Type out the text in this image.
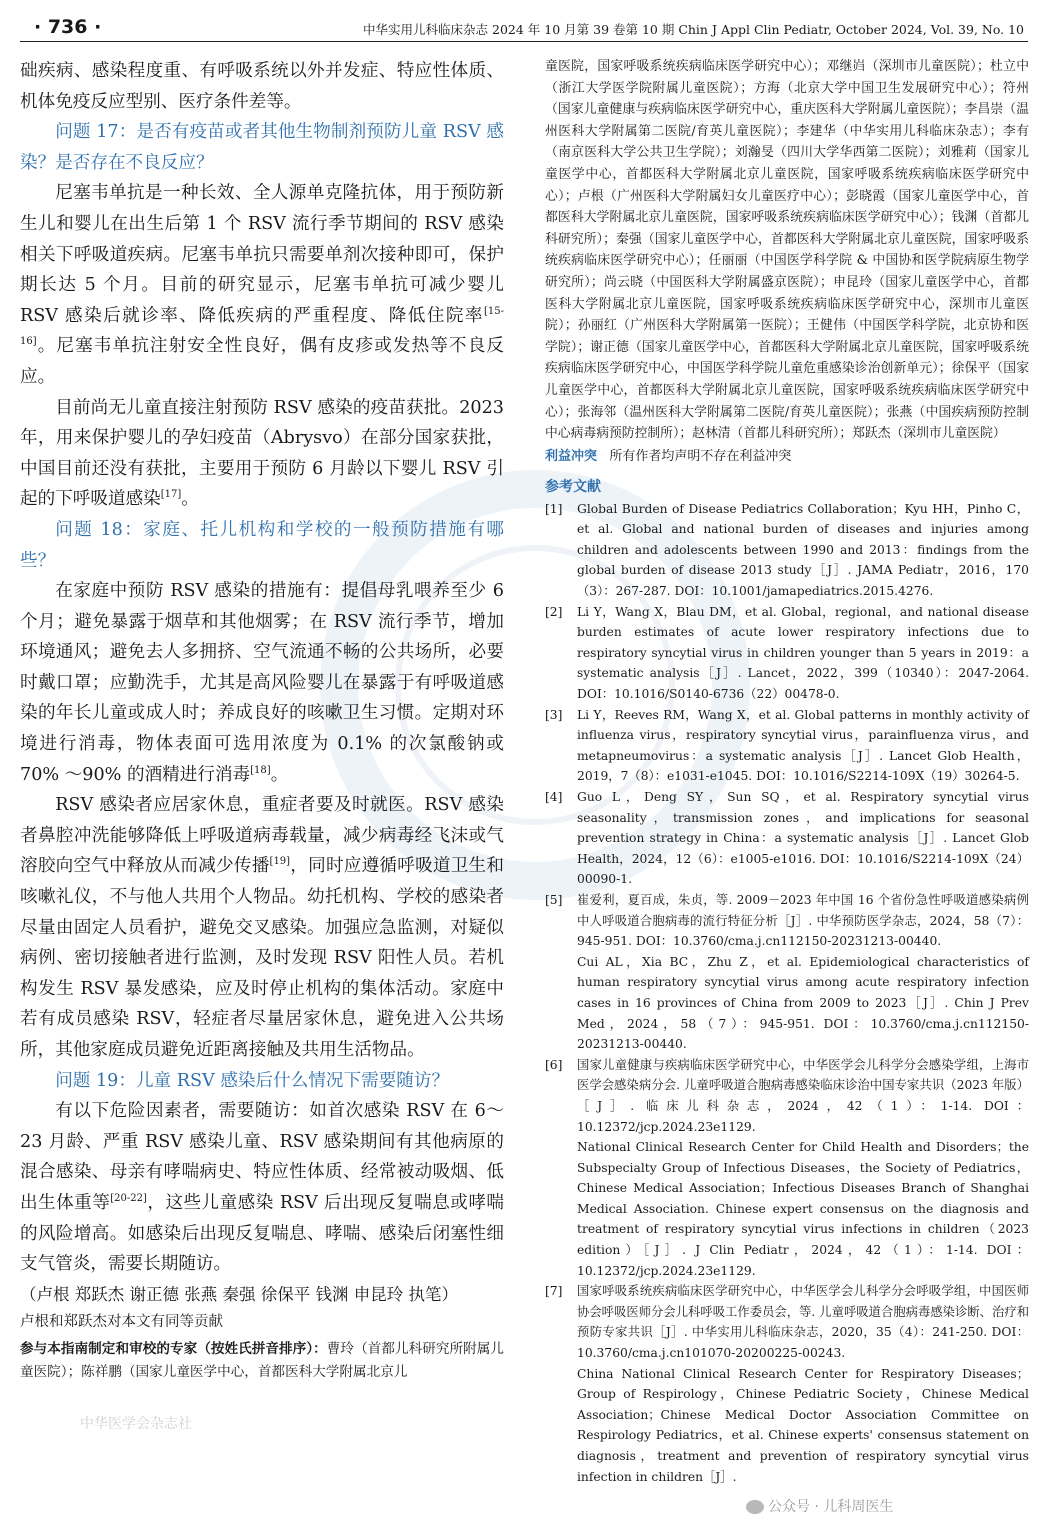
· 736 ·	中华实用儿科临床杂志 2024 年 10 月第 39 卷第 10 期 Chin J Appl Clin Pediatr, October 2024, Vol. 39, No. 10

础疾病、感染程度重、有呼吸系统以外并发症、特应性体质、机体免疫反应型别、医疗条件差等。

问题 17：是否有疫苗或者其他生物制剂预防儿童 RSV 感染？是否存在不良反应？

尼塞韦单抗是一种长效、全人源单克隆抗体，用于预防新生儿和婴儿在出生后第 1 个 RSV 流行季节期间的 RSV 感染相关下呼吸道疾病。尼塞韦单抗只需要单剂次接种即可，保护期长达 5 个月。目前的研究显示，尼塞韦单抗可减少婴儿 RSV 感染后就诊率、降低疾病的严重程度、降低住院率[15-16]。尼塞韦单抗注射安全性良好，偶有皮疹或发热等不良反应。

目前尚无儿童直接注射预防 RSV 感染的疫苗获批。2023 年，用来保护婴儿的孕妇疫苗（Abrysvo）在部分国家获批，中国目前还没有获批，主要用于预防 6 月龄以下婴儿 RSV 引起的下呼吸道感染[17]。

问题 18：家庭、托儿机构和学校的一般预防措施有哪些？

在家庭中预防 RSV 感染的措施有：提倡母乳喂养至少 6 个月；避免暴露于烟草和其他烟雾；在 RSV 流行季节，增加环境通风；避免去人多拥挤、空气流通不畅的公共场所，必要时戴口罩；应勤洗手，尤其是高风险婴儿在暴露于有呼吸道感染的年长儿童或成人时；养成良好的咳嗽卫生习惯。定期对环境进行消毒，物体表面可选用浓度为 0.1% 的次氯酸钠或 70% ～90% 的酒精进行消毒[18]。

RSV 感染者应居家休息，重症者要及时就医。RSV 感染者鼻腔冲洗能够降低上呼吸道病毒载量，减少病毒经飞沫或气溶胶向空气中释放从而减少传播[19]，同时应遵循呼吸道卫生和咳嗽礼仪，不与他人共用个人物品。幼托机构、学校的感染者尽量由固定人员看护，避免交叉感染。加强应急监测，对疑似病例、密切接触者进行监测，及时发现 RSV 阳性人员。若机构发生 RSV 暴发感染，应及时停止机构的集体活动。家庭中若有成员感染 RSV，轻症者尽量居家休息，避免进入公共场所，其他家庭成员避免近距离接触及共用生活物品。

问题 19：儿童 RSV 感染后什么情况下需要随访？

有以下危险因素者，需要随访：如首次感染 RSV 在 6～23 月龄、严重 RSV 感染儿童、RSV 感染期间有其他病原的混合感染、母亲有哮喘病史、特应性体质、经常被动吸烟、低出生体重等[20-22]，这些儿童感染 RSV 后出现反复喘息或哮喘的风险增高。如感染后出现反复喘息、哮喘、感染后闭塞性细支气管炎，需要长期随访。

（卢根 郑跃杰 谢正德 张燕 秦强 徐保平 钱渊 申昆玲 执笔）

卢根和郑跃杰对本文有同等贡献

参与本指南制定和审校的专家（按姓氏拼音排序）：曹玲（首都儿科研究所附属儿童医院）；陈祥鹏（国家儿童医学中心，首都医科大学附属北京儿

中华医学会杂志社

童医院，国家呼吸系统疾病临床医学研究中心）；邓继岿（深圳市儿童医院）；杜立中（浙江大学医学院附属儿童医院）；方海（北京大学中国卫生发展研究中心）；符州（国家儿童健康与疾病临床医学研究中心，重庆医科大学附属儿童医院）；李昌崇（温州医科大学附属第二医院/育英儿童医院）；李建华（中华实用儿科临床杂志）；李有（南京医科大学公共卫生学院）；刘瀚旻（四川大学华西第二医院）；刘雅莉（国家儿童医学中心，首都医科大学附属北京儿童医院，国家呼吸系统疾病临床医学研究中心）；卢根（广州医科大学附属妇女儿童医疗中心）；彭晓霞（国家儿童医学中心，首都医科大学附属北京儿童医院，国家呼吸系统疾病临床医学研究中心）；钱渊（首都儿科研究所）；秦强（国家儿童医学中心，首都医科大学附属北京儿童医院，国家呼吸系统疾病临床医学研究中心）；任丽丽（中国医学科学院 & 中国协和医学院病原生物学研究所）；尚云晓（中国医科大学附属盛京医院）；申昆玲（国家儿童医学中心，首都医科大学附属北京儿童医院，国家呼吸系统疾病临床医学研究中心，深圳市儿童医院）；孙丽红（广州医科大学附属第一医院）；王健伟（中国医学科学院，北京协和医学院）；谢正德（国家儿童医学中心，首都医科大学附属北京儿童医院，国家呼吸系统疾病临床医学研究中心，中国医学科学院儿童危重感染诊治创新单元）；徐保平（国家儿童医学中心，首都医科大学附属北京儿童医院，国家呼吸系统疾病临床医学研究中心）；张海邻（温州医科大学附属第二医院/育英儿童医院）；张燕（中国疾病预防控制中心病毒病预防控制所）；赵林清（首都儿科研究所）；郑跃杰（深圳市儿童医院）

利益冲突 所有作者均声明不存在利益冲突

参考文献

[1] Global Burden of Disease Pediatrics Collaboration；Kyu HH，Pinho C，et al. Global and national burden of diseases and injuries among children and adolescents between 1990 and 2013：findings from the global burden of disease 2013 study［J］. JAMA Pediatr，2016，170（3）：267-287. DOI：10.1001/jamapediatrics.2015.4276.
[2] Li Y，Wang X，Blau DM，et al. Global，regional，and national disease burden estimates of acute lower respiratory infections due to respiratory syncytial virus in children younger than 5 years in 2019：a systematic analysis［J］. Lancet，2022，399（10340）：2047-2064. DOI：10.1016/S0140-6736（22）00478-0.
[3] Li Y，Reeves RM，Wang X，et al. Global patterns in monthly activity of influenza virus，respiratory syncytial virus，parainfluenza virus，and metapneumovirus：a systematic analysis［J］. Lancet Glob Health，2019，7（8）：e1031-e1045. DOI：10.1016/S2214-109X（19）30264-5.
[4] Guo L，Deng SY，Sun SQ，et al. Respiratory syncytial virus seasonality，transmission zones，and implications for seasonal prevention strategy in China：a systematic analysis［J］. Lancet Glob Health，2024，12（6）：e1005-e1016. DOI：10.1016/S2214-109X（24）00090-1.
[5] 崔爱利，夏百成，朱贞，等. 2009－2023 年中国 16 个省份急性呼吸道感染病例中人呼吸道合胞病毒的流行特征分析［J］. 中华预防医学杂志，2024，58（7）：945-951. DOI：10.3760/cma.j.cn112150-20231213-00440.
Cui AL，Xia BC，Zhu Z，et al. Epidemiological characteristics of human respiratory syncytial virus among acute respiratory infection cases in 16 provinces of China from 2009 to 2023［J］. Chin J Prev Med，2024，58（7）：945-951. DOI：10.3760/cma.j.cn112150-20231213-00440.
[6] 国家儿童健康与疾病临床医学研究中心，中华医学会儿科学分会感染学组，上海市医学会感染病分会. 儿童呼吸道合胞病毒感染临床诊治中国专家共识（2023 年版）［J］. 临床儿科杂志，2024，42（1）：1-14. DOI：10.12372/jcp.2024.23e1129.
National Clinical Research Center for Child Health and Disorders；the Subspecialty Group of Infectious Diseases，the Society of Pediatrics，Chinese Medical Association；Infectious Diseases Branch of Shanghai Medical Association. Chinese expert consensus on the diagnosis and treatment of respiratory syncytial virus infections in children（2023 edition）［J］. J Clin Pediatr，2024，42（1）：1-14. DOI：10.12372/jcp.2024.23e1129.
[7] 国家呼吸系统疾病临床医学研究中心，中华医学会儿科学分会呼吸学组，中国医师协会呼吸医师分会儿科呼吸工作委员会，等. 儿童呼吸道合胞病毒感染诊断、治疗和预防专家共识［J］. 中华实用儿科临床杂志，2020，35（4）：241-250. DOI：10.3760/cma.j.cn101070-20200225-00243.
China National Clinical Research Center for Respiratory Diseases；Group of Respirology，Chinese Pediatric Society，Chinese Medical Association；Chinese Medical Doctor Association Committee on Respirology Pediatrics，et al. Chinese experts' consensus statement on diagnosis，treatment and prevention of respiratory syncytial virus infection in children［J］.
公众号 · 儿科周医生
